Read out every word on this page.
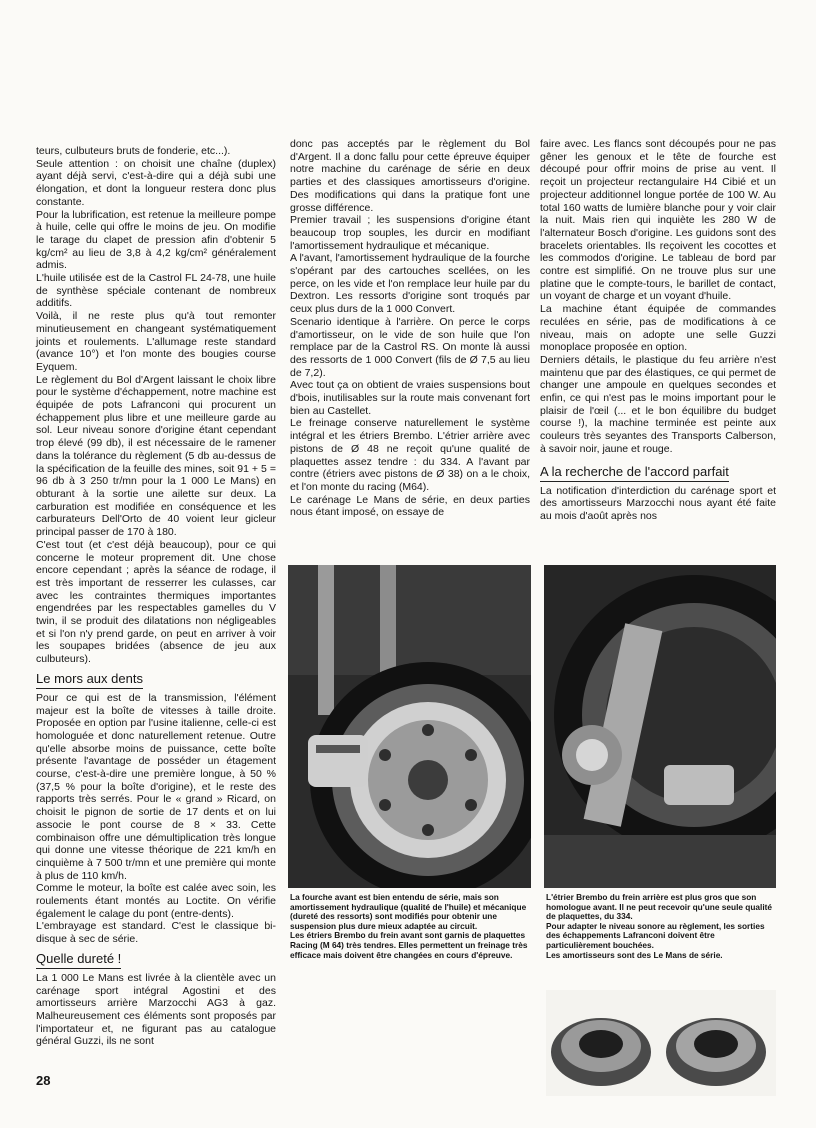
teurs, culbuteurs bruts de fonderie, etc...).

Seule attention : on choisit une chaîne (duplex) ayant déjà servi, c'est-à-dire qui a déjà subi une élongation, et dont la longueur restera donc plus constante.

Pour la lubrification, est retenue la meilleure pompe à huile, celle qui offre le moins de jeu. On modifie le tarage du clapet de pression afin d'obtenir 5 kg/cm² au lieu de 3,8 à 4,2 kg/cm² généralement admis.

L'huile utilisée est de la Castrol FL 24-78, une huile de synthèse spéciale contenant de nombreux additifs.

Voilà, il ne reste plus qu'à tout remonter minutieusement en changeant systématiquement joints et roulements. L'allumage reste standard (avance 10°) et l'on monte des bougies course Eyquem.

Le règlement du Bol d'Argent laissant le choix libre pour le système d'échappement, notre machine est équipée de pots Lafranconi qui procurent un échappement plus libre et une meilleure garde au sol. Leur niveau sonore d'origine étant cependant trop élevé (99 db), il est nécessaire de le ramener dans la tolérance du règlement (5 db au-dessus de la spécification de la feuille des mines, soit 91 + 5 = 96 db à 3 250 tr/mn pour la 1 000 Le Mans) en obturant à la sortie une ailette sur deux. La carburation est modifiée en conséquence et les carburateurs Dell'Orto de 40 voient leur gicleur principal passer de 170 à 180.

C'est tout (et c'est déjà beaucoup), pour ce qui concerne le moteur proprement dit. Une chose encore cependant ; après la séance de rodage, il est très important de resserrer les culasses, car avec les contraintes thermiques importantes engendrées par les respectables gamelles du V twin, il se produit des dilatations non négligeables et si l'on n'y prend garde, on peut en arriver à voir les soupapes bridées (absence de jeu aux culbuteurs).

Le mors aux dents

Pour ce qui est de la transmission, l'élément majeur est la boîte de vitesses à taille droite. Proposée en option par l'usine italienne, celle-ci est homologuée et donc naturellement retenue. Outre qu'elle absorbe moins de puissance, cette boîte présente l'avantage de posséder un étagement course, c'est-à-dire une première longue, à 50 % (37,5 % pour la boîte d'origine), et le reste des rapports très serrés. Pour le « grand » Ricard, on choisit le pignon de sortie de 17 dents et on lui associe le pont course de 8 × 33. Cette combinaison offre une démultiplication très longue qui donne une vitesse théorique de 221 km/h en cinquième à 7 500 tr/mn et une première qui monte à plus de 110 km/h.

Comme le moteur, la boîte est calée avec soin, les roulements étant montés au Loctite. On vérifie également le calage du pont (entre-dents).

L'embrayage est standard. C'est le classique bi-disque à sec de série.

Quelle dureté !

La 1 000 Le Mans est livrée à la clientèle avec un carénage sport intégral Agostini et des amortisseurs arrière Marzocchi AG3 à gaz. Malheureusement ces éléments sont proposés par l'importateur et, ne figurant pas au catalogue général Guzzi, ils ne sont

donc pas acceptés par le règlement du Bol d'Argent. Il a donc fallu pour cette épreuve équiper notre machine du carénage de série en deux parties et des classiques amortisseurs d'origine. Des modifications qui dans la pratique font une grosse différence.

Premier travail ; les suspensions d'origine étant beaucoup trop souples, les durcir en modifiant l'amortissement hydraulique et mécanique.

A l'avant, l'amortissement hydraulique de la fourche s'opérant par des cartouches scellées, on les perce, on les vide et l'on remplace leur huile par du Dextron. Les ressorts d'origine sont troqués par ceux plus durs de la 1 000 Convert.

Scenario identique à l'arrière. On perce le corps d'amortisseur, on le vide de son huile que l'on remplace par de la Castrol RS. On monte là aussi des ressorts de 1 000 Convert (fils de Ø 7,5 au lieu de 7,2).

Avec tout ça on obtient de vraies suspensions bout d'bois, inutilisables sur la route mais convenant fort bien au Castellet.

Le freinage conserve naturellement le système intégral et les étriers Brembo. L'étrier arrière avec pistons de Ø 48 ne reçoit qu'une qualité de plaquettes assez tendre : du 334. A l'avant par contre (étriers avec pistons de Ø 38) on a le choix, et l'on monte du racing (M64).

Le carénage Le Mans de série, en deux parties nous étant imposé, on essaye de

faire avec. Les flancs sont découpés pour ne pas gêner les genoux et le tête de fourche est découpé pour offrir moins de prise au vent. Il reçoit un projecteur rectangulaire H4 Cibié et un projecteur additionnel longue portée de 100 W. Au total 160 watts de lumière blanche pour y voir clair la nuit. Mais rien qui inquiète les 280 W de l'alternateur Bosch d'origine. Les guidons sont des bracelets orientables. Ils reçoivent les cocottes et les commodos d'origine. Le tableau de bord par contre est simplifié. On ne trouve plus sur une platine que le compte-tours, le barillet de contact, un voyant de charge et un voyant d'huile.

La machine étant équipée de commandes reculées en série, pas de modifications à ce niveau, mais on adopte une selle Guzzi monoplace proposée en option.

Derniers détails, le plastique du feu arrière n'est maintenu que par des élastiques, ce qui permet de changer une ampoule en quelques secondes et enfin, ce qui n'est pas le moins important pour le plaisir de l'œil (... et le bon équilibre du budget course !), la machine terminée est peinte aux couleurs très seyantes des Transports Calberson, à savoir noir, jaune et rouge.

A la recherche de l'accord parfait

La notification d'interdiction du carénage sport et des amortisseurs Marzocchi nous ayant été faite au mois d'août après nos

La fourche avant est bien entendu de série, mais son amortissement hydraulique (qualité de l'huile) et mécanique (dureté des ressorts) sont modifiés pour obtenir une suspension plus dure mieux adaptée au circuit.

Les étriers Brembo du frein avant sont garnis de plaquettes Racing (M 64) très tendres. Elles permettent un freinage très efficace mais doivent être changées en cours d'épreuve.

L'étrier Brembo du frein arrière est plus gros que son homologue avant. Il ne peut recevoir qu'une seule qualité de plaquettes, du 334.

Pour adapter le niveau sonore au règlement, les sorties des échappements Lafranconi doivent être particulièrement bouchées.

Les amortisseurs sont des Le Mans de série.

28
